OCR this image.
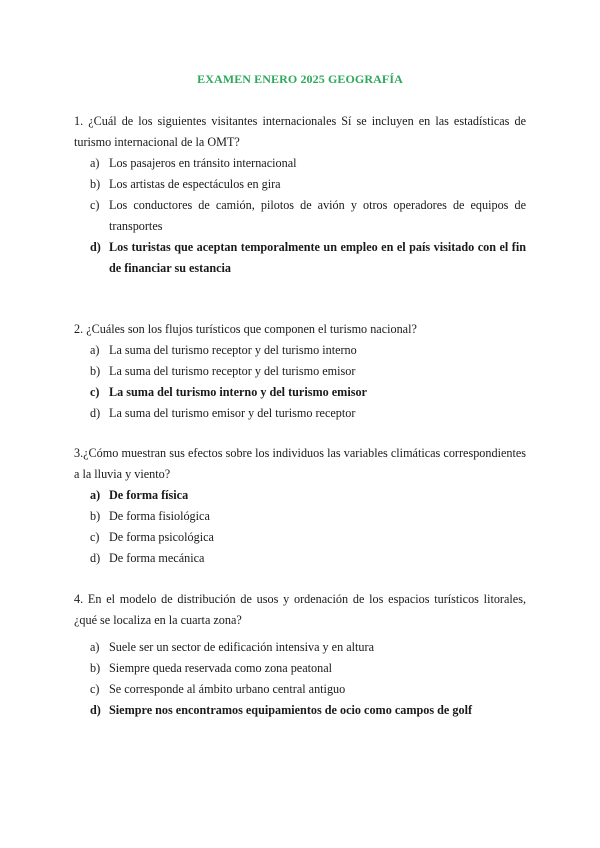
EXAMEN ENERO 2025 GEOGRAFÍA

1. ¿Cuál de los siguientes visitantes internacionales Sí se incluyen en las estadísticas de turismo internacional de la OMT?

a) Los pasajeros en tránsito internacional
b) Los artistas de espectáculos en gira
c) Los conductores de camión, pilotos de avión y otros operadores de equipos de transportes
d) Los turistas que aceptan temporalmente un empleo en el país visitado con el fin de financiar su estancia

2. ¿Cuáles son los flujos turísticos que componen el turismo nacional?

a) La suma del turismo receptor y del turismo interno
b) La suma del turismo receptor y del turismo emisor
c) La suma del turismo interno y del turismo emisor
d) La suma del turismo emisor y del turismo receptor

3.¿Cómo muestran sus efectos sobre los individuos las variables climáticas correspondientes a la lluvia y viento?

a) De forma física
b) De forma fisiológica
c) De forma psicológica
d) De forma mecánica

4. En el modelo de distribución de usos y ordenación de los espacios turísticos litorales, ¿qué se localiza en la cuarta zona?

a) Suele ser un sector de edificación intensiva y en altura
b) Siempre queda reservada como zona peatonal
c) Se corresponde al ámbito urbano central antiguo
d) Siempre nos encontramos equipamientos de ocio como campos de golf
